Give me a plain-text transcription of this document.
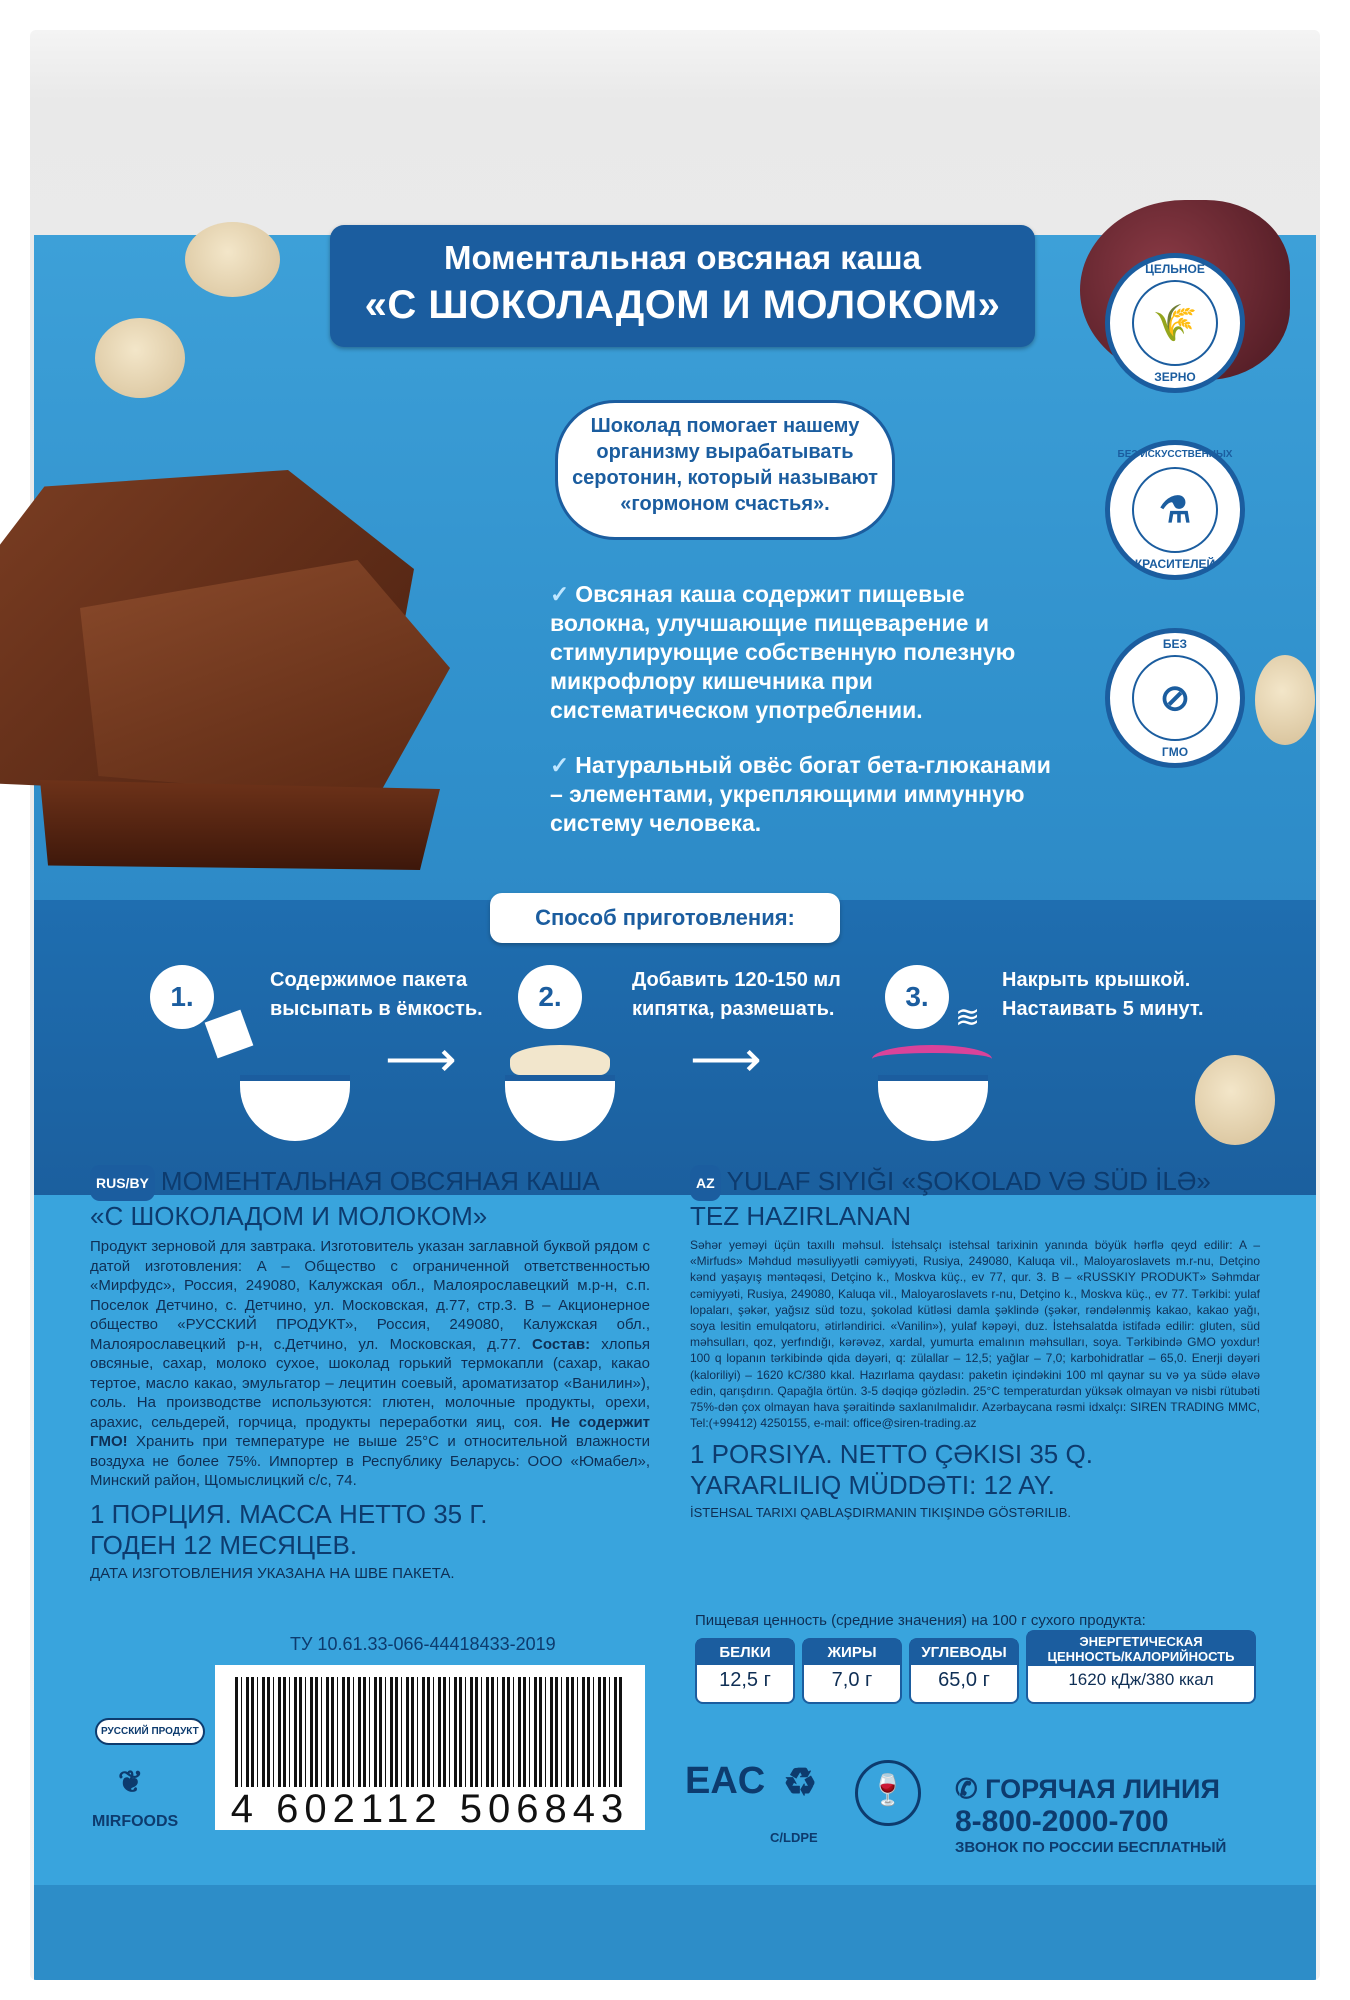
Моментальная овсяная каша
«С ШОКОЛАДОМ И МОЛОКОМ»
Шоколад помогает нашему организму вырабатывать серотонин, который называют «гормоном счастья».

✓ Овсяная каша содержит пищевые волокна, улучшающие пищеварение и стимулирующие собственную полезную микрофлору кишечника при систематическом употреблении.

✓ Натуральный овёс богат бета-глюканами – элементами, укрепляющими иммунную систему человека.

ЦЕЛЬНОЕ
🌾
ЗЕРНО
БЕЗ ИСКУССТВЕННЫХ
⚗
КРАСИТЕЛЕЙ
БЕЗ
⊘
ГМО
Способ приготовления:
1.
Содержимое пакета
высыпать в ёмкость.
⟶
2.
Добавить 120-150 мл
кипятка, размешать.
⟶
3.
Накрыть крышкой.
Настаивать 5 минут.
≋
RUS/BY МОМЕНТАЛЬНАЯ ОВСЯНАЯ КАША
«С ШОКОЛАДОМ И МОЛОКОМ»
Продукт зерновой для завтрака. Изготовитель указан заглавной буквой рядом с датой изготовления: А – Общество с ограниченной ответственностью «Мирфудс», Россия, 249080, Калужская обл., Малоярославецкий м.р-н, с.п. Поселок Детчино, с. Детчино, ул. Московская, д.77, стр.3. В – Акционерное общество «РУССКИЙ ПРОДУКТ», Россия, 249080, Калужская обл., Малоярославецкий р-н, с.Детчино, ул. Московская, д.77. Состав: хлопья овсяные, сахар, молоко сухое, шоколад горький термокапли (сахар, какао тертое, масло какао, эмульгатор – лецитин соевый, ароматизатор «Ванилин»), соль. На производстве используются: глютен, молочные продукты, орехи, арахис, сельдерей, горчица, продукты переработки яиц, соя. Не содержит ГМО! Хранить при температуре не выше 25°С и относительной влажности воздуха не более 75%. Импортер в Республику Беларусь: ООО «Юмабел», Минский район, Щомыслицкий с/с, 74.
1 ПОРЦИЯ. МАССА НЕТТО 35 Г.
ГОДЕН 12 МЕСЯЦЕВ.
ДАТА ИЗГОТОВЛЕНИЯ УКАЗАНА НА ШВЕ ПАКЕТА.
ТУ 10.61.33-066-44418433-2019
AZ YULAF SIYIĞI «ŞOKOLAD VƏ SÜD İLƏ»
TEZ HAZIRLANAN
Səhər yeməyi üçün taxıllı məhsul. İstehsalçı istehsal tarixinin yanında böyük hərflə qeyd edilir: A – «Mirfuds» Məhdud məsuliyyətli cəmiyyəti, Rusiya, 249080, Kaluqa vil., Maloyaroslavets m.r-nu, Detçino kənd yaşayış məntəqəsi, Detçino k., Moskva küç., ev 77, qur. 3. B – «RUSSKIY PRODUKT» Səhmdar cəmiyyəti, Rusiya, 249080, Kaluqa vil., Maloyaroslavets r-nu, Detçino k., Moskva küç., ev 77. Tərkibi: yulaf lopaları, şəkər, yağsız süd tozu, şokolad kütləsi damla şəklində (şəkər, rəndələnmiş kakao, kakao yağı, soya lesitin emulqatoru, ətirləndirici. «Vanilin»), yulaf kəpəyi, duz. İstehsalatda istifadə edilir: gluten, süd məhsulları, qoz, yerfındığı, kərəvəz, xardal, yumurta emalının məhsulları, soya. Tərkibində GMO yoxdur! 100 q lopanın tərkibində qida dəyəri, q: zülallar – 12,5; yağlar – 7,0; karbohidratlar – 65,0. Enerji dəyəri (kaloriliyi) – 1620 kC/380 kkal. Hazırlama qaydası: paketin içindəkini 100 ml qaynar su və ya südə əlavə edin, qarışdırın. Qapağla örtün. 3-5 dəqiqə gözlədin. 25°C temperaturdan yüksək olmayan və nisbi rütubəti 75%-dən çox olmayan hava şəraitində saxlanılmalıdır. Azərbaycana rəsmi idxalçı: SIREN TRADING MMC, Tel:(+99412) 4250155, e-mail: office@siren-trading.az
1 PORSIYA. NETTO ÇƏKISI 35 Q.
YARARLILIQ MÜDDƏTI: 12 AY.
İSTEHSAL TARIXI QABLAŞDIRMANIN TIKIŞINDƏ GÖSTƏRILIB.
Пищевая ценность (средние значения) на 100 г сухого продукта:
БЕЛКИ
12,5 г
ЖИРЫ
7,0 г
УГЛЕВОДЫ
65,0 г
ЭНЕРГЕТИЧЕСКАЯ
ЦЕННОСТЬ/КАЛОРИЙНОСТЬ
1620 кДж/380 ккал
4 602112 506843
РУССКИЙ ПРОДУКТ
❦
MIRFOODS
EAC ♻
C/LDPE
🍷	✆ ГОРЯЧАЯ ЛИНИЯ
8-800-2000-700
ЗВОНОК ПО РОССИИ БЕСПЛАТНЫЙ
